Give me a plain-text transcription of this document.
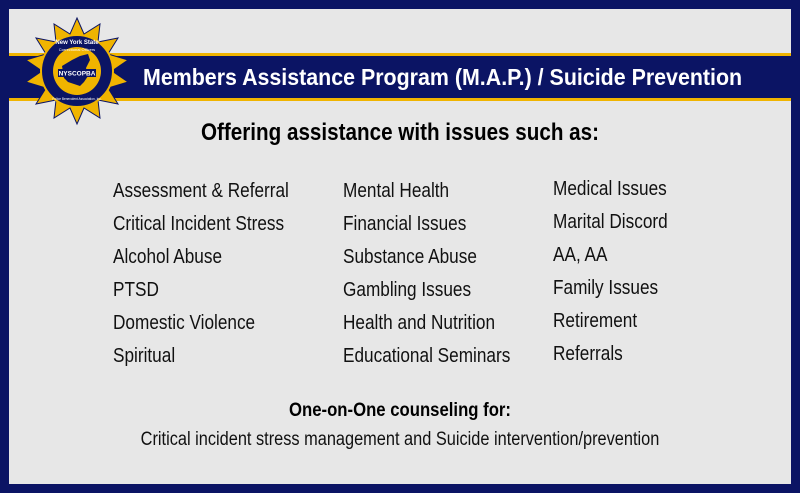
Members Assistance Program (M.A.P.) / Suicide Prevention
NYSCOPBA
New York State
Correctional Officers
Police Benevolent Association, Inc.
Offering assistance with issues such as:
Assessment & Referral
Critical Incident Stress
Alcohol Abuse
PTSD
Domestic Violence
Spiritual
Mental Health
Financial Issues
Substance Abuse
Gambling Issues
Health and Nutrition
Educational Seminars
Medical Issues
Marital Discord
AA, AA
Family Issues
Retirement
Referrals
One-on-One counseling for:
Critical incident stress management and Suicide intervention/prevention
